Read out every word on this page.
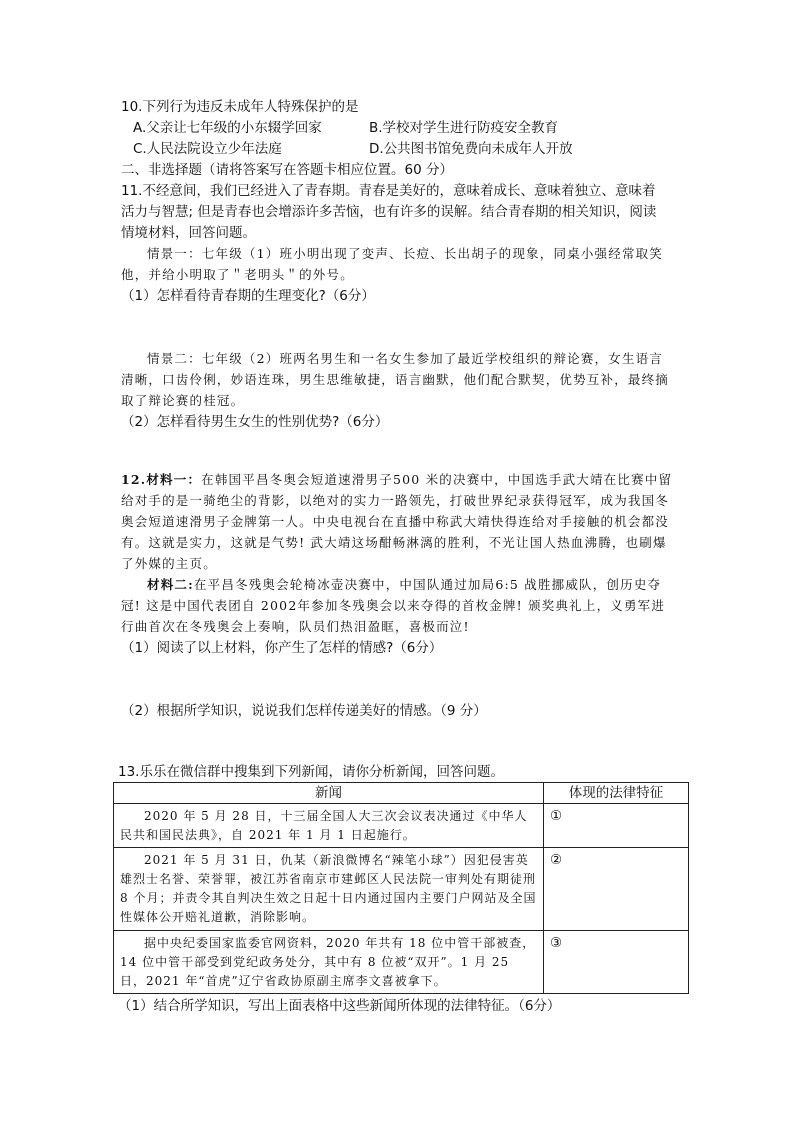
10.下列行为违反未成年人特殊保护的是
A.父亲让七年级的小东辍学回家	B.学校对学生进行防疫安全教育
C.人民法院设立少年法庭	D.公共图书馆免费向未成年人开放
二、非选择题（请将答案写在答题卡相应位置。60 分）
11.不经意间，我们已经进入了青春期。青春是美好的，意味着成长、意味着独立、意味着
活力与智慧; 但是青春也会增添许多苦恼，也有许多的误解。结合青春期的相关知识，阅读
情境材料，回答问题。
情景一：七年级（1）班小明出现了变声、长痘、长出胡子的现象，同桌小强经常取笑
他，并给小明取了＂老明头＂的外号。
（1）怎样看待青春期的生理变化?（6分）
情景二：七年级（2）班两名男生和一名女生参加了最近学校组织的辩论赛，女生语言
清晰，口齿伶俐，妙语连珠，男生思维敏捷，语言幽默，他们配合默契，优势互补，最终摘
取了辩论赛的桂冠。
（2）怎样看待男生女生的性别优势?（6分）
12.材料一：在韩国平昌冬奥会短道速滑男子500 米的决赛中，中国选手武大靖在比赛中留
给对手的是一骑绝尘的背影，以绝对的实力一路领先，打破世界纪录获得冠军，成为我国冬
奥会短道速滑男子金牌第一人。中央电视台在直播中称武大靖快得连给对手接触的机会都没
有。这就是实力，这就是气势! 武大靖这场酣畅淋漓的胜利，不光让国人热血沸腾，也刷爆
了外媒的主页。
材料二:在平昌冬残奥会轮椅冰壶决赛中，中国队通过加局6:5 战胜挪威队，创历史夺
冠! 这是中国代表团自 2002年参加冬残奥会以来夺得的首枚金牌! 颁奖典礼上，义勇军进
行曲首次在冬残奥会上奏响，队员们热泪盈眶，喜极而泣!
（1）阅读了以上材料，你产生了怎样的情感?（6分）
（2）根据所学知识，说说我们怎样传递美好的情感。（9 分）
13.乐乐在微信群中搜集到下列新闻，请你分析新闻，回答问题。
新闻	体现的法律特征

2020 年 5 月 28 日，十三届全国人大三次会议表决通过《中华人民共和国民法典》，自 2021 年 1 月 1 日起施行。	①

2021 年 5 月 31 日，仇某（新浪微博名“辣笔小球”）因犯侵害英雄烈士名誉、荣誉罪，被江苏省南京市建邺区人民法院一审判处有期徒刑 8 个月；并责令其自判决生效之日起十日内通过国内主要门户网站及全国性媒体公开赔礼道歉，消除影响。	②

据中央纪委国家监委官网资料，2020 年共有 18 位中管干部被查，14 位中管干部受到党纪政务处分，其中有 8 位被“双开”。1 月 25 日，2021 年“首虎”辽宁省政协原副主席李文喜被拿下。	③
（1）结合所学知识，写出上面表格中这些新闻所体现的法律特征。（6分）
